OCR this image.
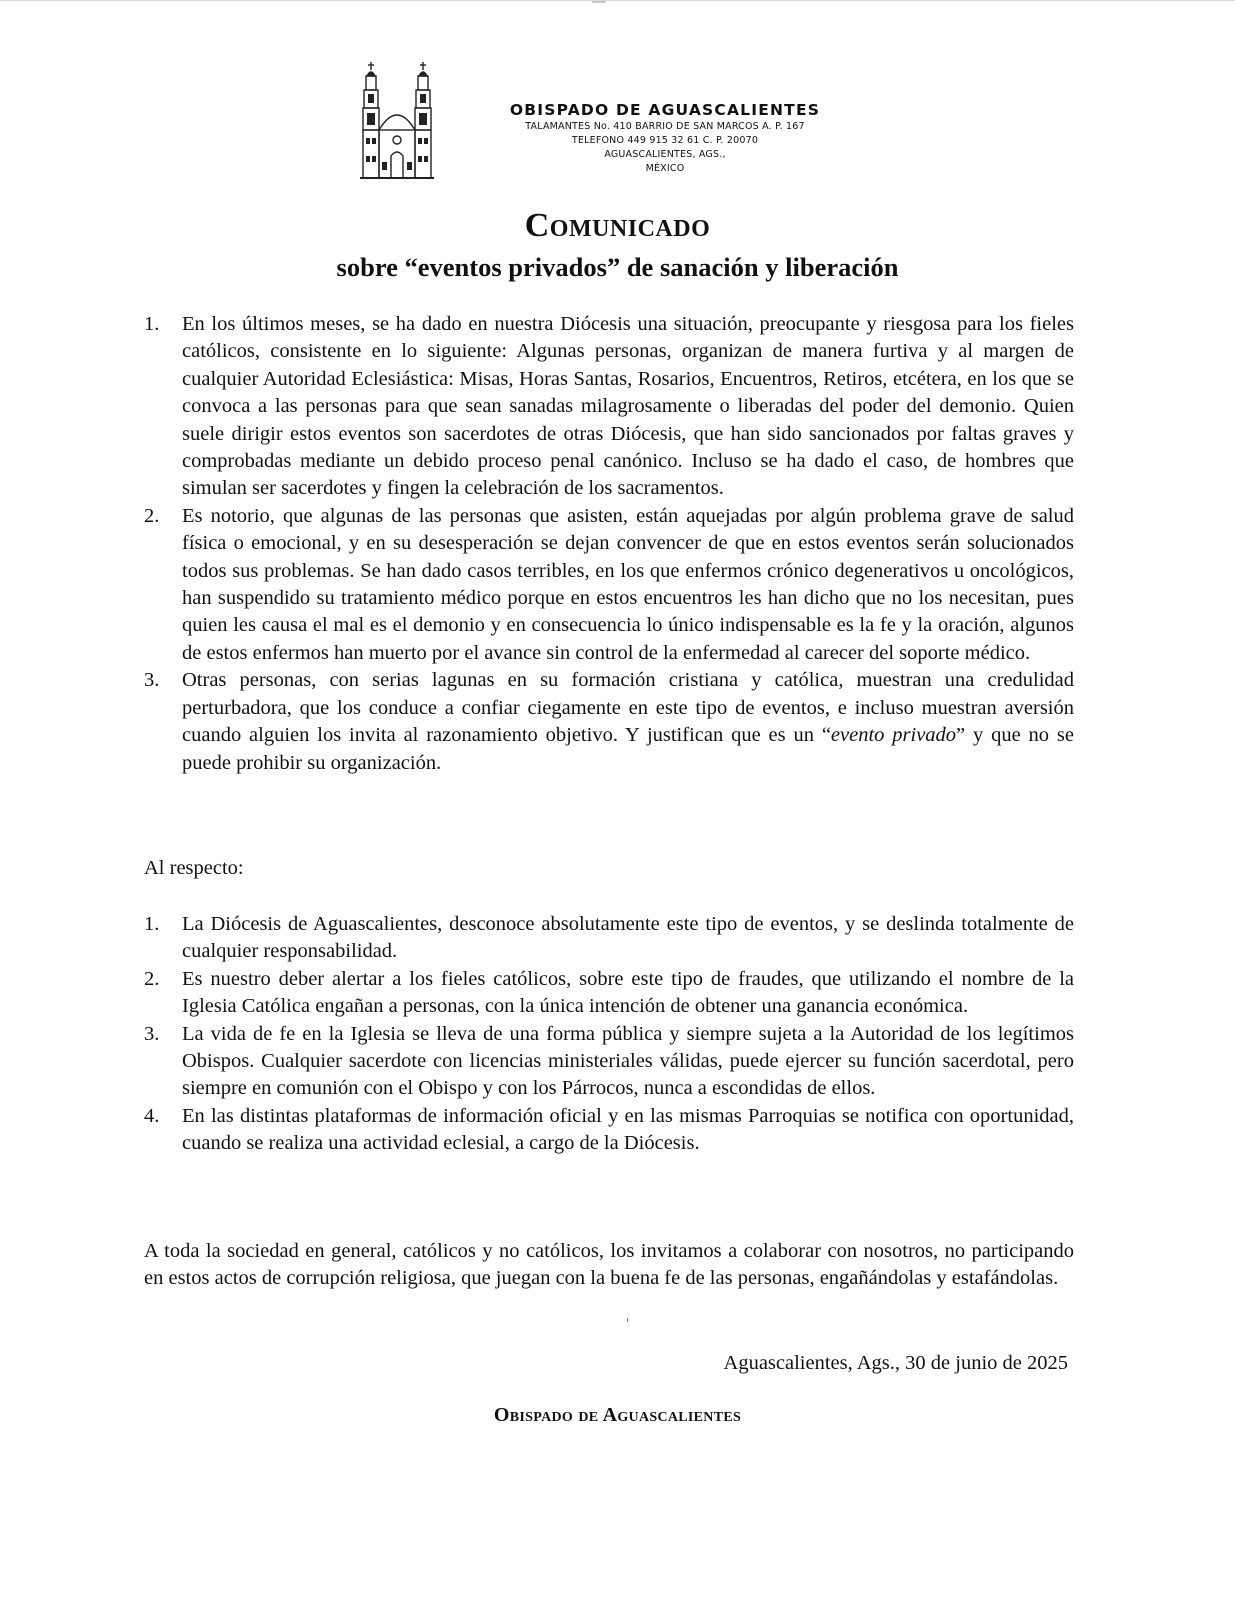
OBISPADO DE AGUASCALIENTES
TALAMANTES No. 410 BARRIO DE SAN MARCOS A. P. 167
TELEFONO 449 915 32 61 C. P. 20070
AGUASCALIENTES, AGS.,
MÉXICO
Comunicado
sobre “eventos privados” de sanación y liberación
1. En los últimos meses, se ha dado en nuestra Diócesis una situación, preocupante y riesgosa para los fieles católicos, consistente en lo siguiente: Algunas personas, organizan de manera furtiva y al margen de cualquier Autoridad Eclesiástica: Misas, Horas Santas, Rosarios, Encuentros, Retiros, etcétera, en los que se convoca a las personas para que sean sanadas milagrosamente o liberadas del poder del demonio. Quien suele dirigir estos eventos son sacerdotes de otras Diócesis, que han sido sancionados por faltas graves y comprobadas mediante un debido proceso penal canónico. Incluso se ha dado el caso, de hombres que simulan ser sacerdotes y fingen la celebración de los sacramentos.
2. Es notorio, que algunas de las personas que asisten, están aquejadas por algún problema grave de salud física o emocional, y en su desesperación se dejan convencer de que en estos eventos serán solucionados todos sus problemas. Se han dado casos terribles, en los que enfermos crónico degenerativos u oncológicos, han suspendido su tratamiento médico porque en estos encuentros les han dicho que no los necesitan, pues quien les causa el mal es el demonio y en consecuencia lo único indispensable es la fe y la oración, algunos de estos enfermos han muerto por el avance sin control de la enfermedad al carecer del soporte médico.
3. Otras personas, con serias lagunas en su formación cristiana y católica, muestran una credulidad perturbadora, que los conduce a confiar ciegamente en este tipo de eventos, e incluso muestran aversión cuando alguien los invita al razonamiento objetivo. Y justifican que es un “evento privado” y que no se puede prohibir su organización.
Al respecto:
1. La Diócesis de Aguascalientes, desconoce absolutamente este tipo de eventos, y se deslinda totalmente de cualquier responsabilidad.
2. Es nuestro deber alertar a los fieles católicos, sobre este tipo de fraudes, que utilizando el nombre de la Iglesia Católica engañan a personas, con la única intención de obtener una ganancia económica.
3. La vida de fe en la Iglesia se lleva de una forma pública y siempre sujeta a la Autoridad de los legítimos Obispos. Cualquier sacerdote con licencias ministeriales válidas, puede ejercer su función sacerdotal, pero siempre en comunión con el Obispo y con los Párrocos, nunca a escondidas de ellos.
4. En las distintas plataformas de información oficial y en las mismas Parroquias se notifica con oportunidad, cuando se realiza una actividad eclesial, a cargo de la Diócesis.
A toda la sociedad en general, católicos y no católicos, los invitamos a colaborar con nosotros, no participando en estos actos de corrupción religiosa, que juegan con la buena fe de las personas, engañándolas y estafándolas.
Aguascalientes, Ags., 30 de junio de 2025
Obispado de Aguascalientes
